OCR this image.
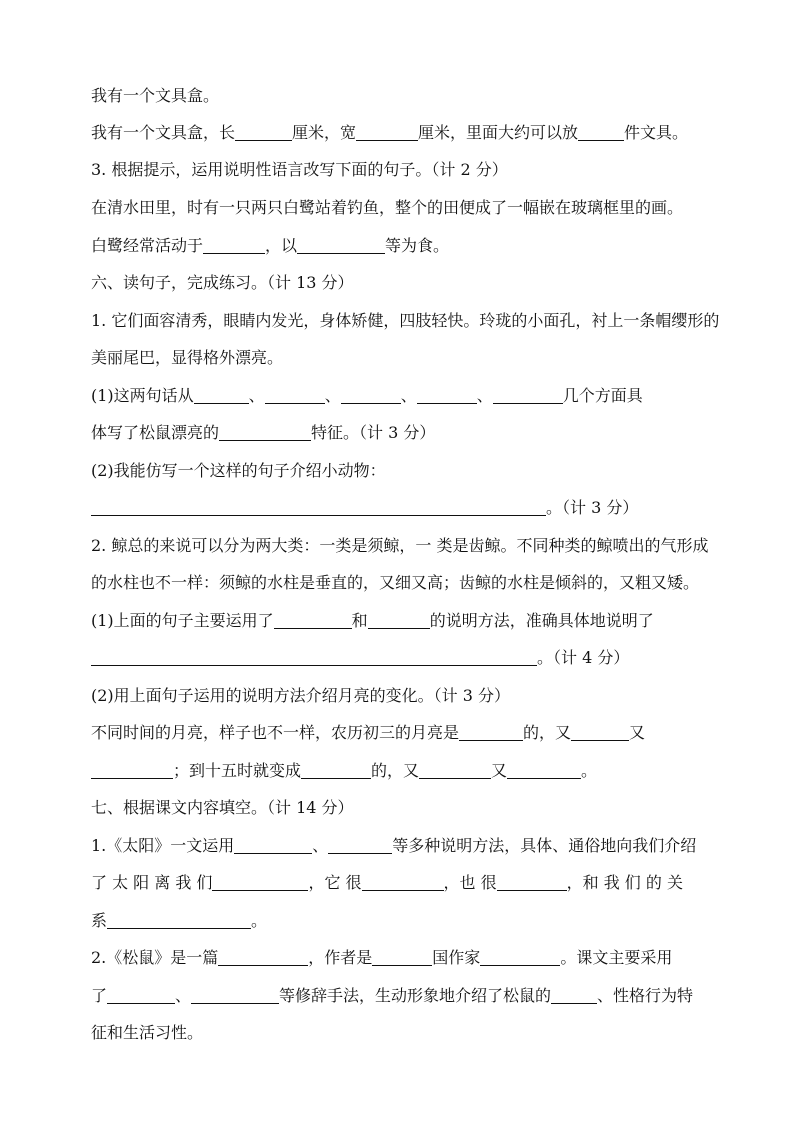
我有一个文具盒。
我有一个文具盒，长	厘米，宽	厘米，里面大约可以放	件文具。
3. 根据提示，运用说明性语言改写下面的句子。（计 2 分）
在清水田里，时有一只两只白鹭站着钓鱼，整个的田便成了一幅嵌在玻璃框里的画。
白鹭经常活动于	，以	等为食。
六、读句子，完成练习。（计 13 分）
1. 它们面容清秀，眼睛内发光，身体矫健，四肢轻快。玲珑的小面孔，衬上一条帽缨形的
美丽尾巴，显得格外漂亮。
(1)这两句话从	、	、	、	、	几个方面具
体写了松鼠漂亮的	特征。（计 3 分）
(2)我能仿写一个这样的句子介绍小动物：
。（计 3 分）
2. 鲸总的来说可以分为两大类：一类是须鲸，一 类是齿鲸。不同种类的鲸喷出的气形成
的水柱也不一样：须鲸的水柱是垂直的，又细又高；齿鲸的水柱是倾斜的，又粗又矮。
(1)上面的句子主要运用了	和	的说明方法，准确具体地说明了
。（计 4 分）
(2)用上面句子运用的说明方法介绍月亮的变化。（计 3 分）
不同时间的月亮，样子也不一样，农历初三的月亮是	的，又	又
；到十五时就变成	的，又	又	。
七、根据课文内容填空。（计 14 分）
1.《太阳》一文运用	、	等多种说明方法，具体、通俗地向我们介绍
了 太 阳 离 我 们	，它 很	，也 很	，和 我 们 的 关
系	。
2.《松鼠》是一篇	，作者是	国作家	。课文主要采用
了	、	等修辞手法，生动形象地介绍了松鼠的	、性格行为特
征和生活习性。
